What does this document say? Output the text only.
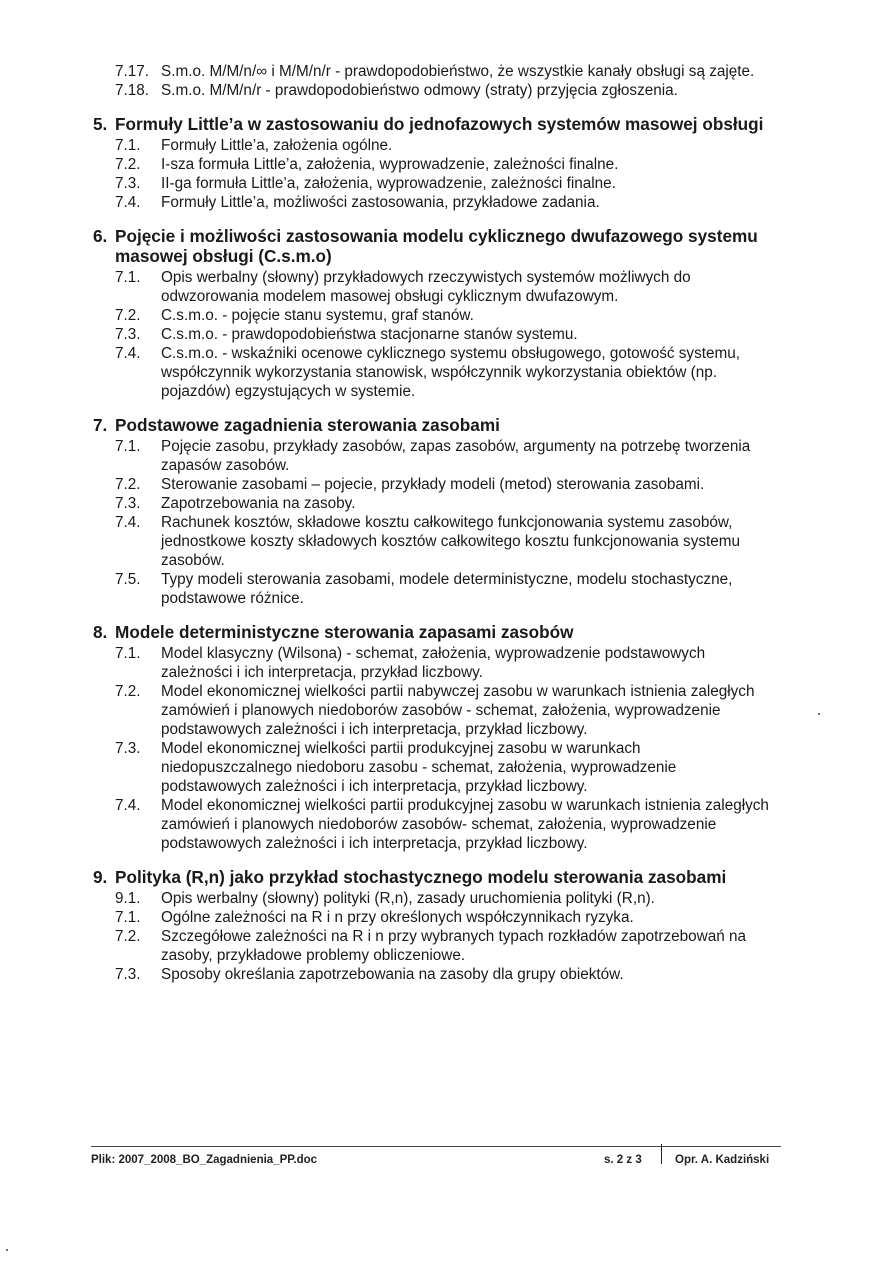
7.17. S.m.o. M/M/n/∞ i M/M/n/r - prawdopodobieństwo, że wszystkie kanały obsługi są zajęte.
7.18. S.m.o. M/M/n/r - prawdopodobieństwo odmowy (straty) przyjęcia zgłoszenia.
5. Formuły Little’a w zastosowaniu do jednofazowych systemów masowej obsługi
7.1.	Formuły Little’a, założenia ogólne.
7.2.	I-sza formuła Little’a, założenia, wyprowadzenie, zależności finalne.
7.3.	II-ga formuła Little’a, założenia, wyprowadzenie, zależności finalne.
7.4.	Formuły Little’a, możliwości zastosowania, przykładowe zadania.
6. Pojęcie i możliwości zastosowania modelu cyklicznego dwufazowego systemu masowej obsługi (C.s.m.o)
7.1.	Opis werbalny (słowny) przykładowych rzeczywistych systemów możliwych do odwzorowania modelem masowej obsługi cyklicznym dwufazowym.
7.2.	C.s.m.o. - pojęcie stanu systemu, graf stanów.
7.3.	C.s.m.o. - prawdopodobieństwa stacjonarne stanów systemu.
7.4.	C.s.m.o. - wskaźniki ocenowe cyklicznego systemu obsługowego, gotowość systemu, współczynnik wykorzystania stanowisk, współczynnik wykorzystania obiektów (np. pojazdów) egzystujących w systemie.
7. Podstawowe zagadnienia sterowania zasobami
7.1.	Pojęcie zasobu, przykłady zasobów, zapas zasobów, argumenty na potrzebę tworzenia zapasów zasobów.
7.2.	Sterowanie zasobami – pojecie, przykłady modeli (metod) sterowania zasobami.
7.3.	Zapotrzebowania na zasoby.
7.4.	Rachunek kosztów, składowe kosztu całkowitego funkcjonowania systemu zasobów, jednostkowe koszty składowych kosztów całkowitego kosztu funkcjonowania systemu zasobów.
7.5.	Typy modeli sterowania zasobami, modele deterministyczne, modelu stochastyczne, podstawowe różnice.
8. Modele deterministyczne sterowania zapasami zasobów
7.1.	Model klasyczny (Wilsona) - schemat, założenia, wyprowadzenie podstawowych zależności i ich interpretacja, przykład liczbowy.
7.2.	Model ekonomicznej wielkości partii nabywczej zasobu w warunkach istnienia zaległych zamówień i planowych niedoborów zasobów - schemat, założenia, wyprowadzenie podstawowych zależności i ich interpretacja, przykład liczbowy.
7.3.	Model ekonomicznej wielkości partii produkcyjnej zasobu w warunkach niedopuszczalnego niedoboru zasobu - schemat, założenia, wyprowadzenie podstawowych zależności i ich interpretacja, przykład liczbowy.
7.4.	Model ekonomicznej wielkości partii produkcyjnej zasobu w warunkach istnienia zaległych zamówień i planowych niedoborów zasobów- schemat, założenia, wyprowadzenie podstawowych zależności i ich interpretacja, przykład liczbowy.
9. Polityka (R,n) jako przykład stochastycznego modelu sterowania zasobami
9.1.	Opis werbalny (słowny) polityki (R,n), zasady uruchomienia polityki (R,n).
7.1.	Ogólne zależności na R i n przy określonych współczynnikach ryzyka.
7.2.	Szczegółowe zależności na R i n przy wybranych typach rozkładów zapotrzebowań na zasoby, przykładowe problemy obliczeniowe.
7.3.	Sposoby określania zapotrzebowania na zasoby dla grupy obiektów.
Plik: 2007_2008_BO_Zagadnienia_PP.doc	s. 2 z 3	Opr. A. Kadziński
